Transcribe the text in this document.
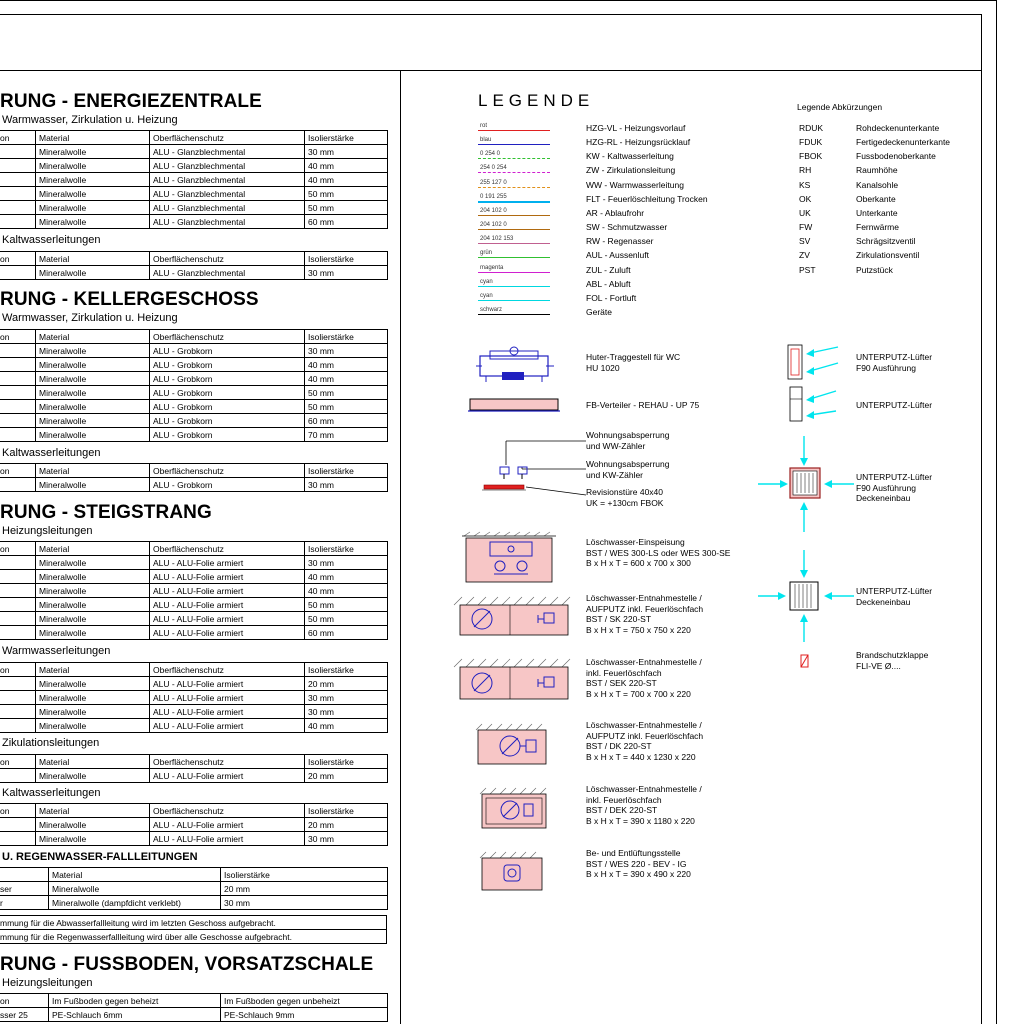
RUNG - ENERGIEZENTRALE
Warmwasser, Zirkulation u. Heizung
on	Material	Oberflächenschutz	Isolierstärke
	Mineralwolle	ALU - Glanzblechmental	30 mm
	Mineralwolle	ALU - Glanzblechmental	40 mm
	Mineralwolle	ALU - Glanzblechmental	40 mm
	Mineralwolle	ALU - Glanzblechmental	50 mm
	Mineralwolle	ALU - Glanzblechmental	50 mm
	Mineralwolle	ALU - Glanzblechmental	60 mm
Kaltwasserleitungen
on	Material	Oberflächenschutz	Isolierstärke
	Mineralwolle	ALU - Glanzblechmental	30 mm
RUNG - KELLERGESCHOSS
Warmwasser, Zirkulation u. Heizung
on	Material	Oberflächenschutz	Isolierstärke
	Mineralwolle	ALU - Grobkorn	30 mm
	Mineralwolle	ALU - Grobkorn	40 mm
	Mineralwolle	ALU - Grobkorn	40 mm
	Mineralwolle	ALU - Grobkorn	50 mm
	Mineralwolle	ALU - Grobkorn	50 mm
	Mineralwolle	ALU - Grobkorn	60 mm
	Mineralwolle	ALU - Grobkorn	70 mm
Kaltwasserleitungen
on	Material	Oberflächenschutz	Isolierstärke
	Mineralwolle	ALU - Grobkorn	30 mm
RUNG - STEIGSTRANG
Heizungsleitungen
on	Material	Oberflächenschutz	Isolierstärke
	Mineralwolle	ALU - ALU-Folie armiert	30 mm
	Mineralwolle	ALU - ALU-Folie armiert	40 mm
	Mineralwolle	ALU - ALU-Folie armiert	40 mm
	Mineralwolle	ALU - ALU-Folie armiert	50 mm
	Mineralwolle	ALU - ALU-Folie armiert	50 mm
	Mineralwolle	ALU - ALU-Folie armiert	60 mm
Warmwasserleitungen
on	Material	Oberflächenschutz	Isolierstärke
	Mineralwolle	ALU - ALU-Folie armiert	20 mm
	Mineralwolle	ALU - ALU-Folie armiert	30 mm
	Mineralwolle	ALU - ALU-Folie armiert	30 mm
	Mineralwolle	ALU - ALU-Folie armiert	40 mm
Zikulationsleitungen
on	Material	Oberflächenschutz	Isolierstärke
	Mineralwolle	ALU - ALU-Folie armiert	20 mm
Kaltwasserleitungen
on	Material	Oberflächenschutz	Isolierstärke
	Mineralwolle	ALU - ALU-Folie armiert	20 mm
	Mineralwolle	ALU - ALU-Folie armiert	30 mm
U. REGENWASSER-FALLLEITUNGEN
	Material	Isolierstärke
ser	Mineralwolle	20 mm
r	Mineralwolle (dampfdicht verklebt)	30 mm
mmung für die Abwasserfallleitung wird im letzten Geschoss aufgebracht.
mmung für die Regenwasserfallleitung wird über alle Geschosse aufgebracht.
RUNG - FUSSBODEN, VORSATZSCHALE
Heizungsleitungen
on	Im Fußboden gegen beheizt	Im Fußboden gegen unbeheizt
sser 25	PE-Schlauch 6mm	PE-Schlauch 9mm
LEGENDE
rot	HZG-VL - Heizungsvorlauf
blau	HZG-RL - Heizungsrücklauf
0 254 0	KW - Kaltwasserleitung
254 0 254	ZW - Zirkulationsleitung
255 127 0	WW - Warmwasserleitung
0 191 255	FLT - Feuerlöschleitung Trocken
204 102 0	AR - Ablaufrohr
204 102 0	SW - Schmutzwasser
204 102 153	RW - Regenasser
grün	AUL - Aussenluft
magenta	ZUL - Zuluft
cyan	ABL - Abluft
cyan	FOL - Fortluft
schwarz	Geräte
Legende Abkürzungen
RDUK	Rohdeckenunterkante
FDUK	Fertigedeckenunterkante
FBOK	Fussbodenoberkante
RH	Raumhöhe
KS	Kanalsohle
OK	Oberkante
UK	Unterkante
FW	Fernwärme
SV	Schrägsitzventil
ZV	Zirkulationsventil
PST	Putzstück
Huter-Traggestell für WC
HU 1020
FB-Verteiler - REHAU - UP 75
Wohnungsabsperrung
und WW-Zähler
Wohnungsabsperrung
und KW-Zähler
Revisionstüre 40x40
UK = +130cm FBOK
Löschwasser-Einspeisung
BST / WES 300-LS oder WES 300-SE
B x H x T = 600 x 700 x 300
Löschwasser-Entnahmestelle /
AUFPUTZ inkl. Feuerlöschfach
BST / SK 220-ST
B x H x T = 750 x 750 x 220
Löschwasser-Entnahmestelle /
inkl. Feuerlöschfach
BST / SEK 220-ST
B x H x T = 700 x 700 x 220
Löschwasser-Entnahmestelle /
AUFPUTZ inkl. Feuerlöschfach
BST / DK 220-ST
B x H x T = 440 x 1230 x 220
Löschwasser-Entnahmestelle /
inkl. Feuerlöschfach
BST / DEK 220-ST
B x H x T = 390 x 1180 x 220
Be- und Entlüftungsstelle
BST / WES 220 - BEV - IG
B x H x T = 390 x 490 x 220
UNTERPUTZ-Lüfter
F90 Ausführung
UNTERPUTZ-Lüfter
UNTERPUTZ-Lüfter
F90 Ausführung
Deckeneinbau
UNTERPUTZ-Lüfter
Deckeneinbau
Brandschutzklappe
FLI-VE Ø....
